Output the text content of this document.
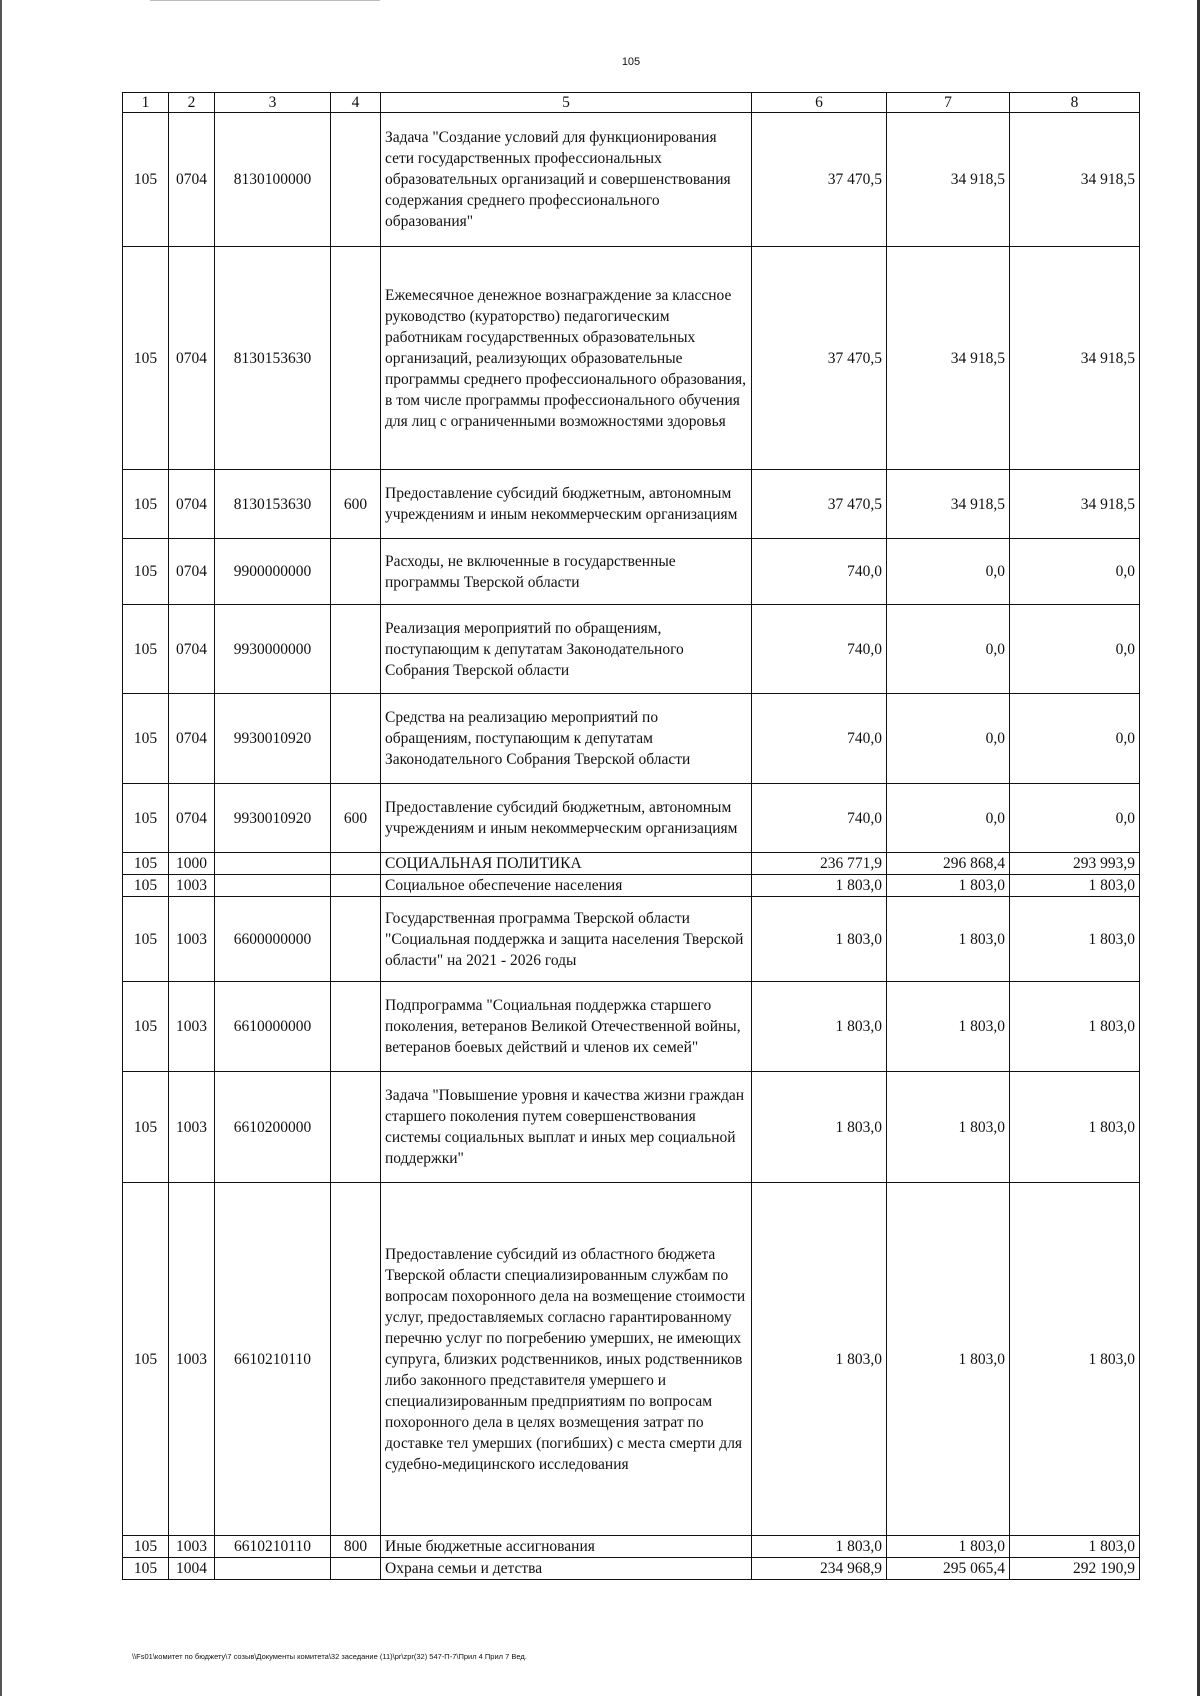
105
1	2	3	4	5	6	7	8
105	0704	8130100000		Задача "Создание условий для функционирования сети государственных профессиональных образовательных организаций и совершенствования содержания среднего профессионального образования"	37 470,5	34 918,5	34 918,5
105	0704	8130153630		Ежемесячное денежное вознаграждение за классное руководство (кураторство) педагогическим работникам государственных образовательных организаций, реализующих образовательные программы среднего профессионального образования, в том числе программы профессионального обучения для лиц с ограниченными возможностями здоровья	37 470,5	34 918,5	34 918,5
105	0704	8130153630	600	Предоставление субсидий бюджетным, автономным учреждениям и иным некоммерческим организациям	37 470,5	34 918,5	34 918,5
105	0704	9900000000		Расходы, не включенные в государственные программы Тверской области	740,0	0,0	0,0
105	0704	9930000000		Реализация мероприятий по обращениям, поступающим к депутатам Законодательного Собрания Тверской области	740,0	0,0	0,0
105	0704	9930010920		Средства на реализацию мероприятий по обращениям, поступающим к депутатам Законодательного Собрания Тверской области	740,0	0,0	0,0
105	0704	9930010920	600	Предоставление субсидий бюджетным, автономным учреждениям и иным некоммерческим организациям	740,0	0,0	0,0
105	1000			СОЦИАЛЬНАЯ ПОЛИТИКА	236 771,9	296 868,4	293 993,9
105	1003			Социальное обеспечение населения	1 803,0	1 803,0	1 803,0
105	1003	6600000000		Государственная программа Тверской области "Социальная поддержка и защита населения Тверской области" на 2021 - 2026 годы	1 803,0	1 803,0	1 803,0
105	1003	6610000000		Подпрограмма "Социальная поддержка старшего поколения, ветеранов Великой Отечественной войны, ветеранов боевых действий и членов их семей"	1 803,0	1 803,0	1 803,0
105	1003	6610200000		Задача "Повышение уровня и качества жизни граждан старшего поколения путем совершенствования системы социальных выплат и иных мер социальной поддержки"	1 803,0	1 803,0	1 803,0
105	1003	6610210110		Предоставление субсидий из областного бюджета Тверской области специализированным службам по вопросам похоронного дела на возмещение стоимости услуг, предоставляемых согласно гарантированному перечню услуг по погребению умерших, не имеющих супруга, близких родственников, иных родственников либо законного представителя умершего и специализированным предприятиям по вопросам похоронного дела в целях возмещения затрат по доставке тел умерших (погибших) с места смерти для судебно-медицинского исследования	1 803,0	1 803,0	1 803,0
105	1003	6610210110	800	Иные бюджетные ассигнования	1 803,0	1 803,0	1 803,0
105	1004			Охрана семьи и детства	234 968,9	295 065,4	292 190,9
\\Fs01\комитет по бюджету\7 созыв\Документы комитета\32 заседание (11)\pr\zpr(32) 547-П-7\Прил 4 Прил 7 Вед.
